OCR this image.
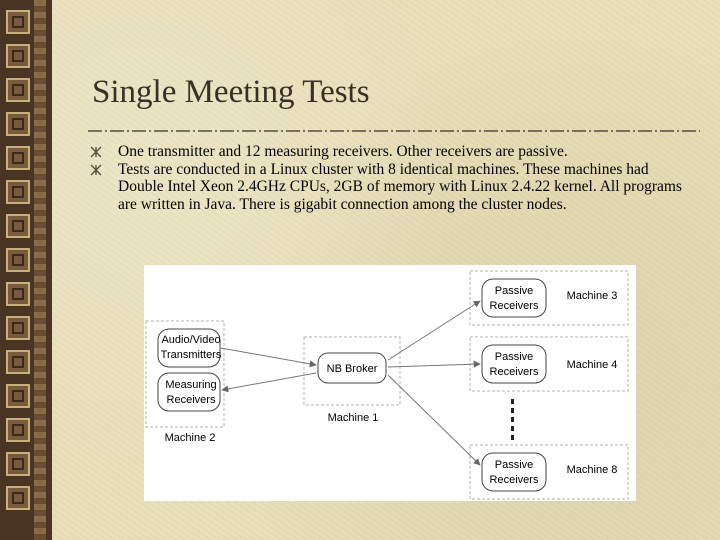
Single Meeting Tests
One transmitter and 12 measuring receivers. Other receivers are passive.
Tests are conducted in a Linux cluster with 8 identical machines. These machines had Double Intel Xeon 2.4GHz CPUs, 2GB of memory with Linux 2.4.22 kernel. All programs are written in Java. There is gigabit connection among the cluster nodes.
Audio/Video
Transmitters
Measuring
Receivers
Machine 2
NB Broker
Machine 1
Passive
Receivers
Machine 3
Passive
Receivers
Machine 4
Passive
Receivers
Machine 8
